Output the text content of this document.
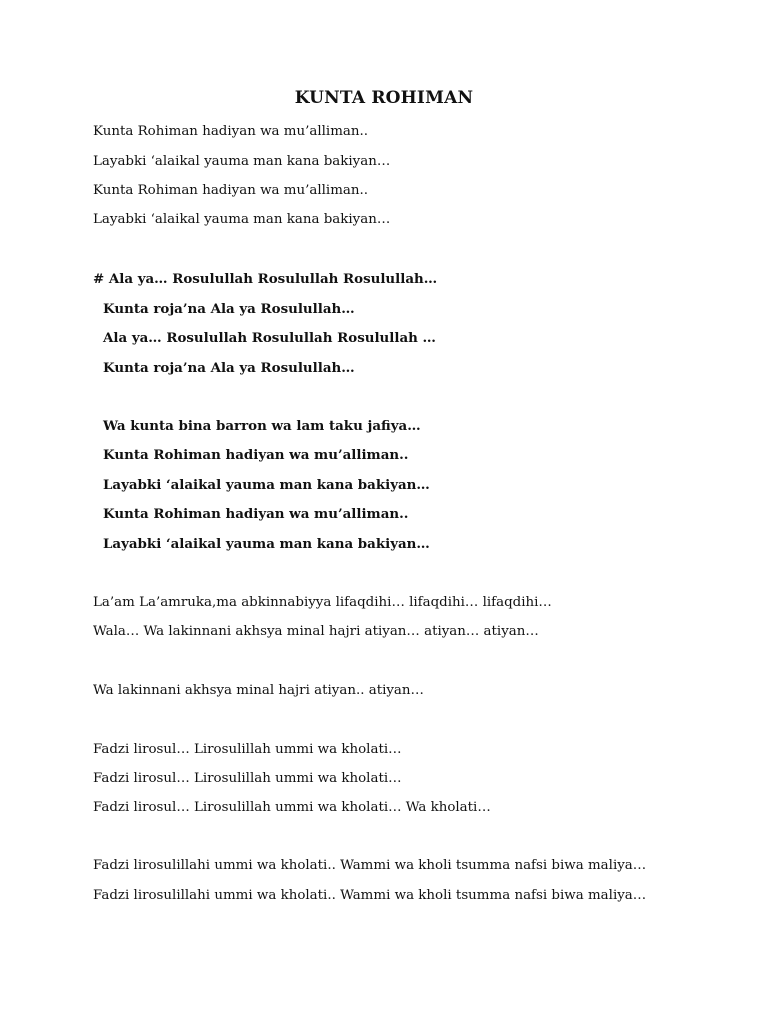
KUNTA ROHIMAN
Kunta Rohiman hadiyan wa mu’alliman..
Layabki ‘alaikal yauma man kana bakiyan…
Kunta Rohiman hadiyan wa mu’alliman..
Layabki ‘alaikal yauma man kana bakiyan…
# Ala ya… Rosulullah Rosulullah Rosulullah…
Kunta roja’na Ala ya Rosulullah…
Ala ya… Rosulullah Rosulullah Rosulullah …
Kunta roja’na Ala ya Rosulullah…
Wa kunta bina barron wa lam taku jafiya…
Kunta Rohiman hadiyan wa mu’alliman..
Layabki ‘alaikal yauma man kana bakiyan…
Kunta Rohiman hadiyan wa mu’alliman..
Layabki ‘alaikal yauma man kana bakiyan…
La’am La’amruka,ma abkinnabiyya lifaqdihi… lifaqdihi… lifaqdihi…
Wala… Wa lakinnani akhsya minal hajri atiyan… atiyan… atiyan…
Wa lakinnani akhsya minal hajri atiyan.. atiyan…
Fadzi lirosul… Lirosulillah ummi wa kholati…
Fadzi lirosul… Lirosulillah ummi wa kholati…
Fadzi lirosul… Lirosulillah ummi wa kholati… Wa kholati…
Fadzi lirosulillahi ummi wa kholati.. Wammi wa kholi tsumma nafsi biwa maliya…
Fadzi lirosulillahi ummi wa kholati.. Wammi wa kholi tsumma nafsi biwa maliya…
